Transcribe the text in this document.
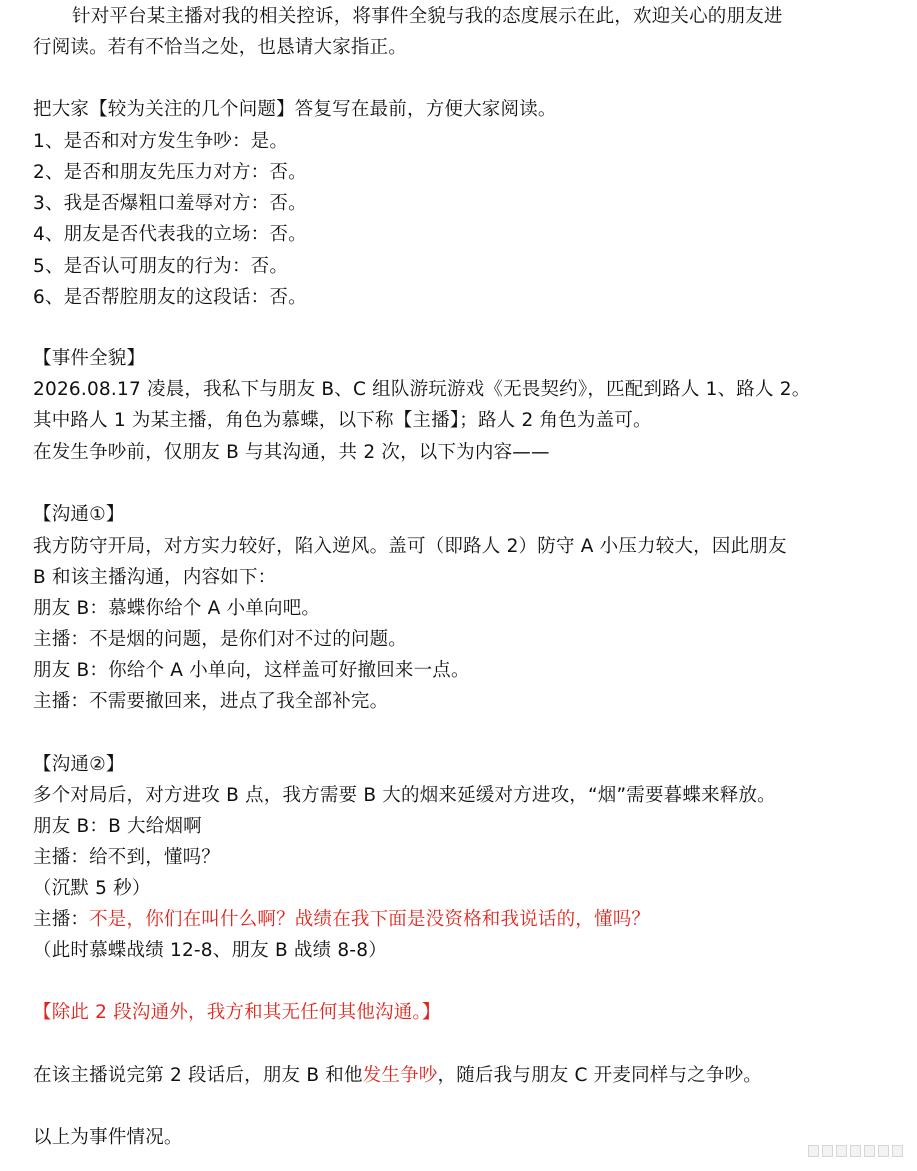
针对平台某主播对我的相关控诉，将事件全貌与我的态度展示在此，欢迎关心的朋友进
行阅读。若有不恰当之处，也恳请大家指正。
把大家【较为关注的几个问题】答复写在最前，方便大家阅读。
1、是否和对方发生争吵：是。
2、是否和朋友先压力对方：否。
3、我是否爆粗口羞辱对方：否。
4、朋友是否代表我的立场：否。
5、是否认可朋友的行为：否。
6、是否帮腔朋友的这段话：否。
【事件全貌】
2026.08.17 凌晨，我私下与朋友 B、C 组队游玩游戏《无畏契约》，匹配到路人 1、路人 2。
其中路人 1 为某主播，角色为慕蝶，以下称【主播】；路人 2 角色为盖可。
在发生争吵前，仅朋友 B 与其沟通，共 2 次，以下为内容——
【沟通①】
我方防守开局，对方实力较好，陷入逆风。盖可（即路人 2）防守 A 小压力较大，因此朋友
B 和该主播沟通，内容如下：
朋友 B：慕蝶你给个 A 小单向吧。
主播：不是烟的问题，是你们对不过的问题。
朋友 B：你给个 A 小单向，这样盖可好撤回来一点。
主播：不需要撤回来，进点了我全部补完。
【沟通②】
多个对局后，对方进攻 B 点，我方需要 B 大的烟来延缓对方进攻，“烟”需要暮蝶来释放。
朋友 B：B 大给烟啊
主播：给不到，懂吗？
（沉默 5 秒）
主播：不是，你们在叫什么啊？战绩在我下面是没资格和我说话的，懂吗？
（此时慕蝶战绩 12-8、朋友 B 战绩 8-8）
【除此 2 段沟通外，我方和其无任何其他沟通。】
在该主播说完第 2 段话后，朋友 B 和他发生争吵，随后我与朋友 C 开麦同样与之争吵。
以上为事件情况。
